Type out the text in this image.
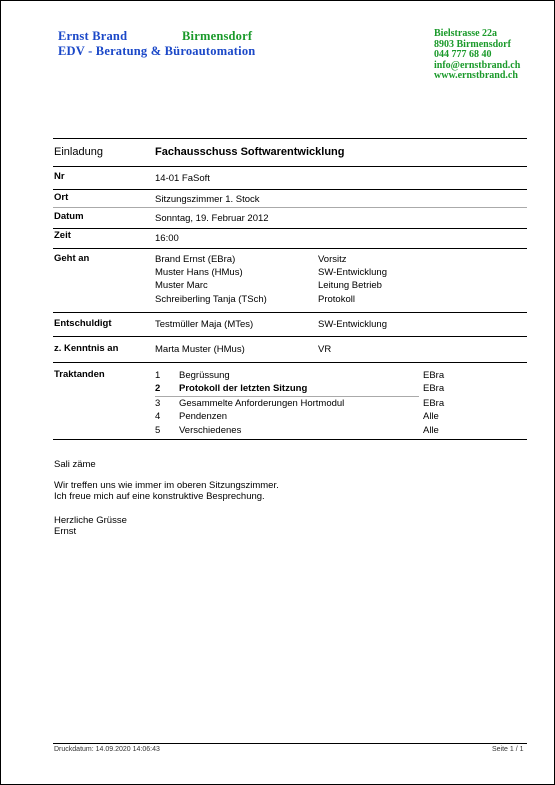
Ernst Brand	Birmensdorf
EDV - Beratung & Büroautomation
Bielstrasse 22a
8903 Birmensdorf
044 777 68 40
info@ernstbrand.ch
www.ernstbrand.ch
Einladung	Fachausschuss Softwarentwicklung
Nr	14-01 FaSoft
Ort	Sitzungszimmer 1. Stock
Datum	Sonntag, 19. Februar 2012
Zeit	16:00
Geht an	Brand Ernst (EBra)	Vorsitz
Muster Hans (HMus)	SW-Entwicklung
Muster Marc	Leitung Betrieb
Schreiberling Tanja (TSch)	Protokoll
Entschuldigt	Testmüller Maja (MTes)	SW-Entwicklung
z. Kenntnis an	Marta Muster (HMus)	VR
Traktanden	1 Begrüssung	EBra
2 Protokoll der letzten Sitzung	EBra
3 Gesammelte Anforderungen Hortmodul	EBra
4 Pendenzen	Alle
5 Verschiedenes	Alle
Sali zäme
Wir treffen uns wie immer im oberen Sitzungszimmer.
Ich freue mich auf eine konstruktive Besprechung.
Herzliche Grüsse
Ernst
Druckdatum: 14.09.2020 14:06:43	Seite 1 / 1
